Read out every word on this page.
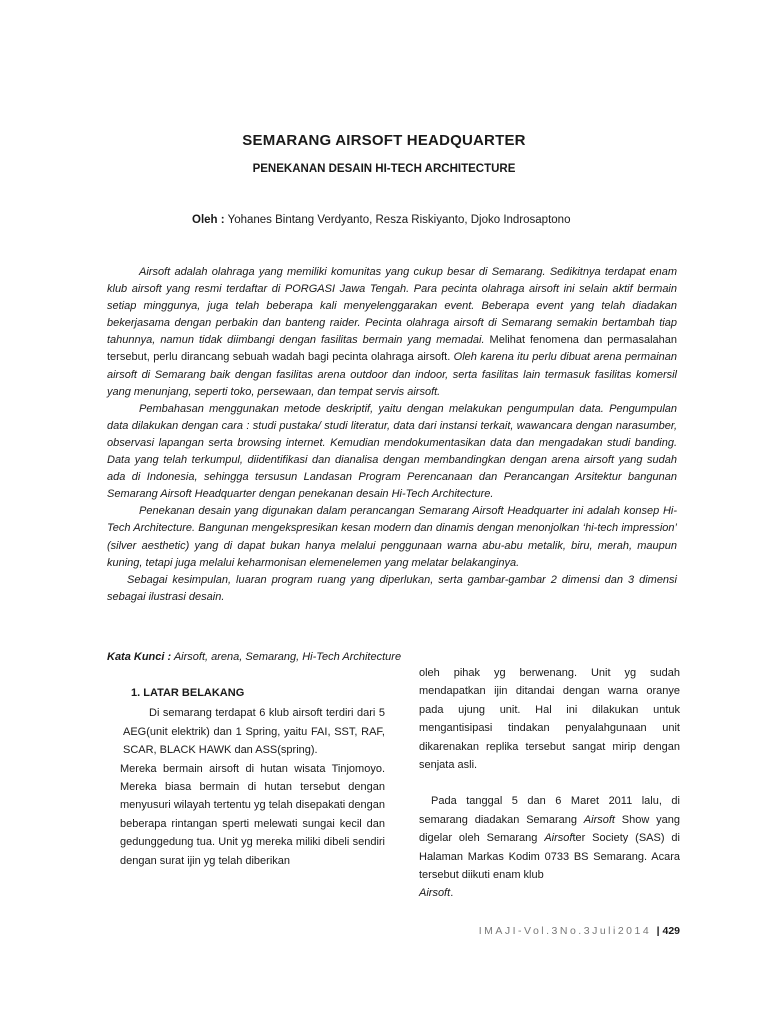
SEMARANG AIRSOFT HEADQUARTER
PENEKANAN DESAIN HI-TECH ARCHITECTURE
Oleh : Yohanes Bintang Verdyanto, Resza Riskiyanto, Djoko Indrosaptono

Airsoft adalah olahraga yang memiliki komunitas yang cukup besar di Semarang. Sedikitnya terdapat enam klub airsoft yang resmi terdaftar di PORGASI Jawa Tengah. Para pecinta olahraga airsoft ini selain aktif bermain setiap minggunya, juga telah beberapa kali menyelenggarakan event. Beberapa event yang telah diadakan bekerjasama dengan perbakin dan banteng raider. Pecinta olahraga airsoft di Semarang semakin bertambah tiap tahunnya, namun tidak diimbangi dengan fasilitas bermain yang memadai. Melihat fenomena dan permasalahan tersebut, perlu dirancang sebuah wadah bagi pecinta olahraga airsoft. Oleh karena itu perlu dibuat arena permainan airsoft di Semarang baik dengan fasilitas arena outdoor dan indoor, serta fasilitas lain termasuk fasilitas komersil yang menunjang, seperti toko, persewaan, dan tempat servis airsoft.

Pembahasan menggunakan metode deskriptif, yaitu dengan melakukan pengumpulan data. Pengumpulan data dilakukan dengan cara : studi pustaka/ studi literatur, data dari instansi terkait, wawancara dengan narasumber, observasi lapangan serta browsing internet. Kemudian mendokumentasikan data dan mengadakan studi banding. Data yang telah terkumpul, diidentifikasi dan dianalisa dengan membandingkan dengan arena airsoft yang sudah ada di Indonesia, sehingga tersusun Landasan Program Perencanaan dan Perancangan Arsitektur bangunan Semarang Airsoft Headquarter dengan penekanan desain Hi-Tech Architecture.

Penekanan desain yang digunakan dalam perancangan Semarang Airsoft Headquarter ini adalah konsep Hi-Tech Architecture. Bangunan mengekspresikan kesan modern dan dinamis dengan menonjolkan ‘hi-tech impression’ (silver aesthetic) yang di dapat bukan hanya melalui penggunaan warna abu-abu metalik, biru, merah, maupun kuning, tetapi juga melalui keharmonisan elemenelemen yang melatar belakanginya.

Sebagai kesimpulan, luaran program ruang yang diperlukan, serta gambar-gambar 2 dimensi dan 3 dimensi sebagai ilustrasi desain.

Kata Kunci : Airsoft, arena, Semarang, Hi-Tech Architecture
1. LATAR BELAKANG

Di semarang terdapat 6 klub airsoft terdiri dari 5 AEG(unit elektrik) dan 1 Spring, yaitu FAI, SST, RAF, SCAR, BLACK HAWK dan ASS(spring).

Mereka bermain airsoft di hutan wisata Tinjomoyo. Mereka biasa bermain di hutan tersebut dengan menyusuri wilayah tertentu yg telah disepakati dengan beberapa rintangan sperti melewati sungai kecil dan gedunggedung tua. Unit yg mereka miliki dibeli sendiri dengan surat ijin yg telah diberikan

oleh pihak yg berwenang. Unit yg sudah mendapatkan ijin ditandai dengan warna oranye pada ujung unit. Hal ini dilakukan untuk mengantisipasi tindakan penyalahgunaan unit dikarenakan replika tersebut sangat mirip dengan senjata asli.

Pada tanggal 5 dan 6 Maret 2011 lalu, di semarang diadakan Semarang Airsoft Show yang digelar oleh Semarang Airsofter Society (SAS) di Halaman Markas Kodim 0733 BS Semarang. Acara tersebut diikuti enam klub
Airsoft.

IMAJI-Vol.3No.3Juli2014 | 429
